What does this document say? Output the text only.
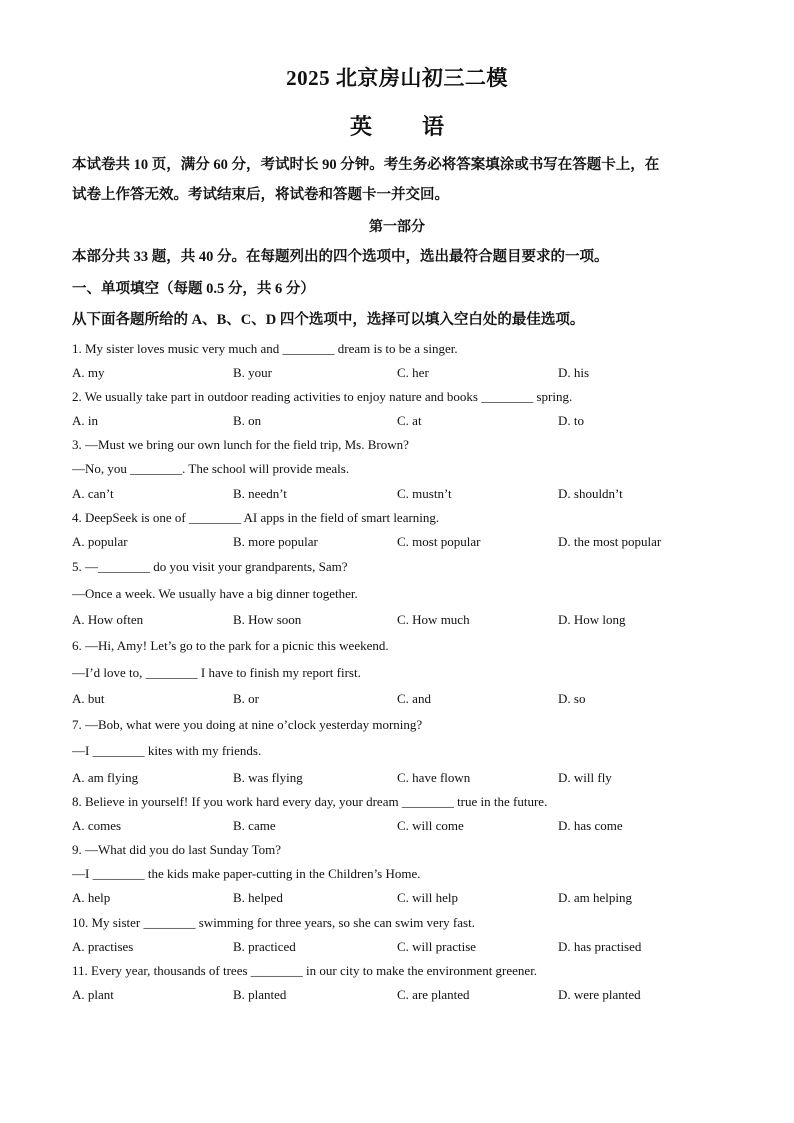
2025 北京房山初三二模
英 语
本试卷共 10 页，满分 60 分，考试时长 90 分钟。考生务必将答案填涂或书写在答题卡上，在
试卷上作答无效。考试结束后，将试卷和答题卡一并交回。
第一部分
本部分共 33 题，共 40 分。在每题列出的四个选项中，选出最符合题目要求的一项。
一、单项填空（每题 0.5 分，共 6 分）
从下面各题所给的 A、B、C、D 四个选项中，选择可以填入空白处的最佳选项。
1. My sister loves music very much and ________ dream is to be a singer.
A. my	B. your	C. her	D. his
2. We usually take part in outdoor reading activities to enjoy nature and books ________ spring.
A. in	B. on	C. at	D. to
3. —Must we bring our own lunch for the field trip, Ms. Brown?
—No, you ________. The school will provide meals.
A. can’t	B. needn’t	C. mustn’t	D. shouldn’t
4. DeepSeek is one of ________ AI apps in the field of smart learning.
A. popular	B. more popular	C. most popular	D. the most popular
5. —________ do you visit your grandparents, Sam?
—Once a week. We usually have a big dinner together.
A. How often	B. How soon	C. How much	D. How long
6. —Hi, Amy! Let’s go to the park for a picnic this weekend.
—I’d love to, ________ I have to finish my report first.
A. but	B. or	C. and	D. so
7. —Bob, what were you doing at nine o’clock yesterday morning?
—I ________ kites with my friends.
A. am flying	B. was flying	C. have flown	D. will fly
8. Believe in yourself! If you work hard every day, your dream ________ true in the future.
A. comes	B. came	C. will come	D. has come
9. —What did you do last Sunday Tom?
—I ________ the kids make paper-cutting in the Children’s Home.
A. help	B. helped	C. will help	D. am helping
10. My sister ________ swimming for three years, so she can swim very fast.
A. practises	B. practiced	C. will practise	D. has practised
11. Every year, thousands of trees ________ in our city to make the environment greener.
A. plant	B. planted	C. are planted	D. were planted
